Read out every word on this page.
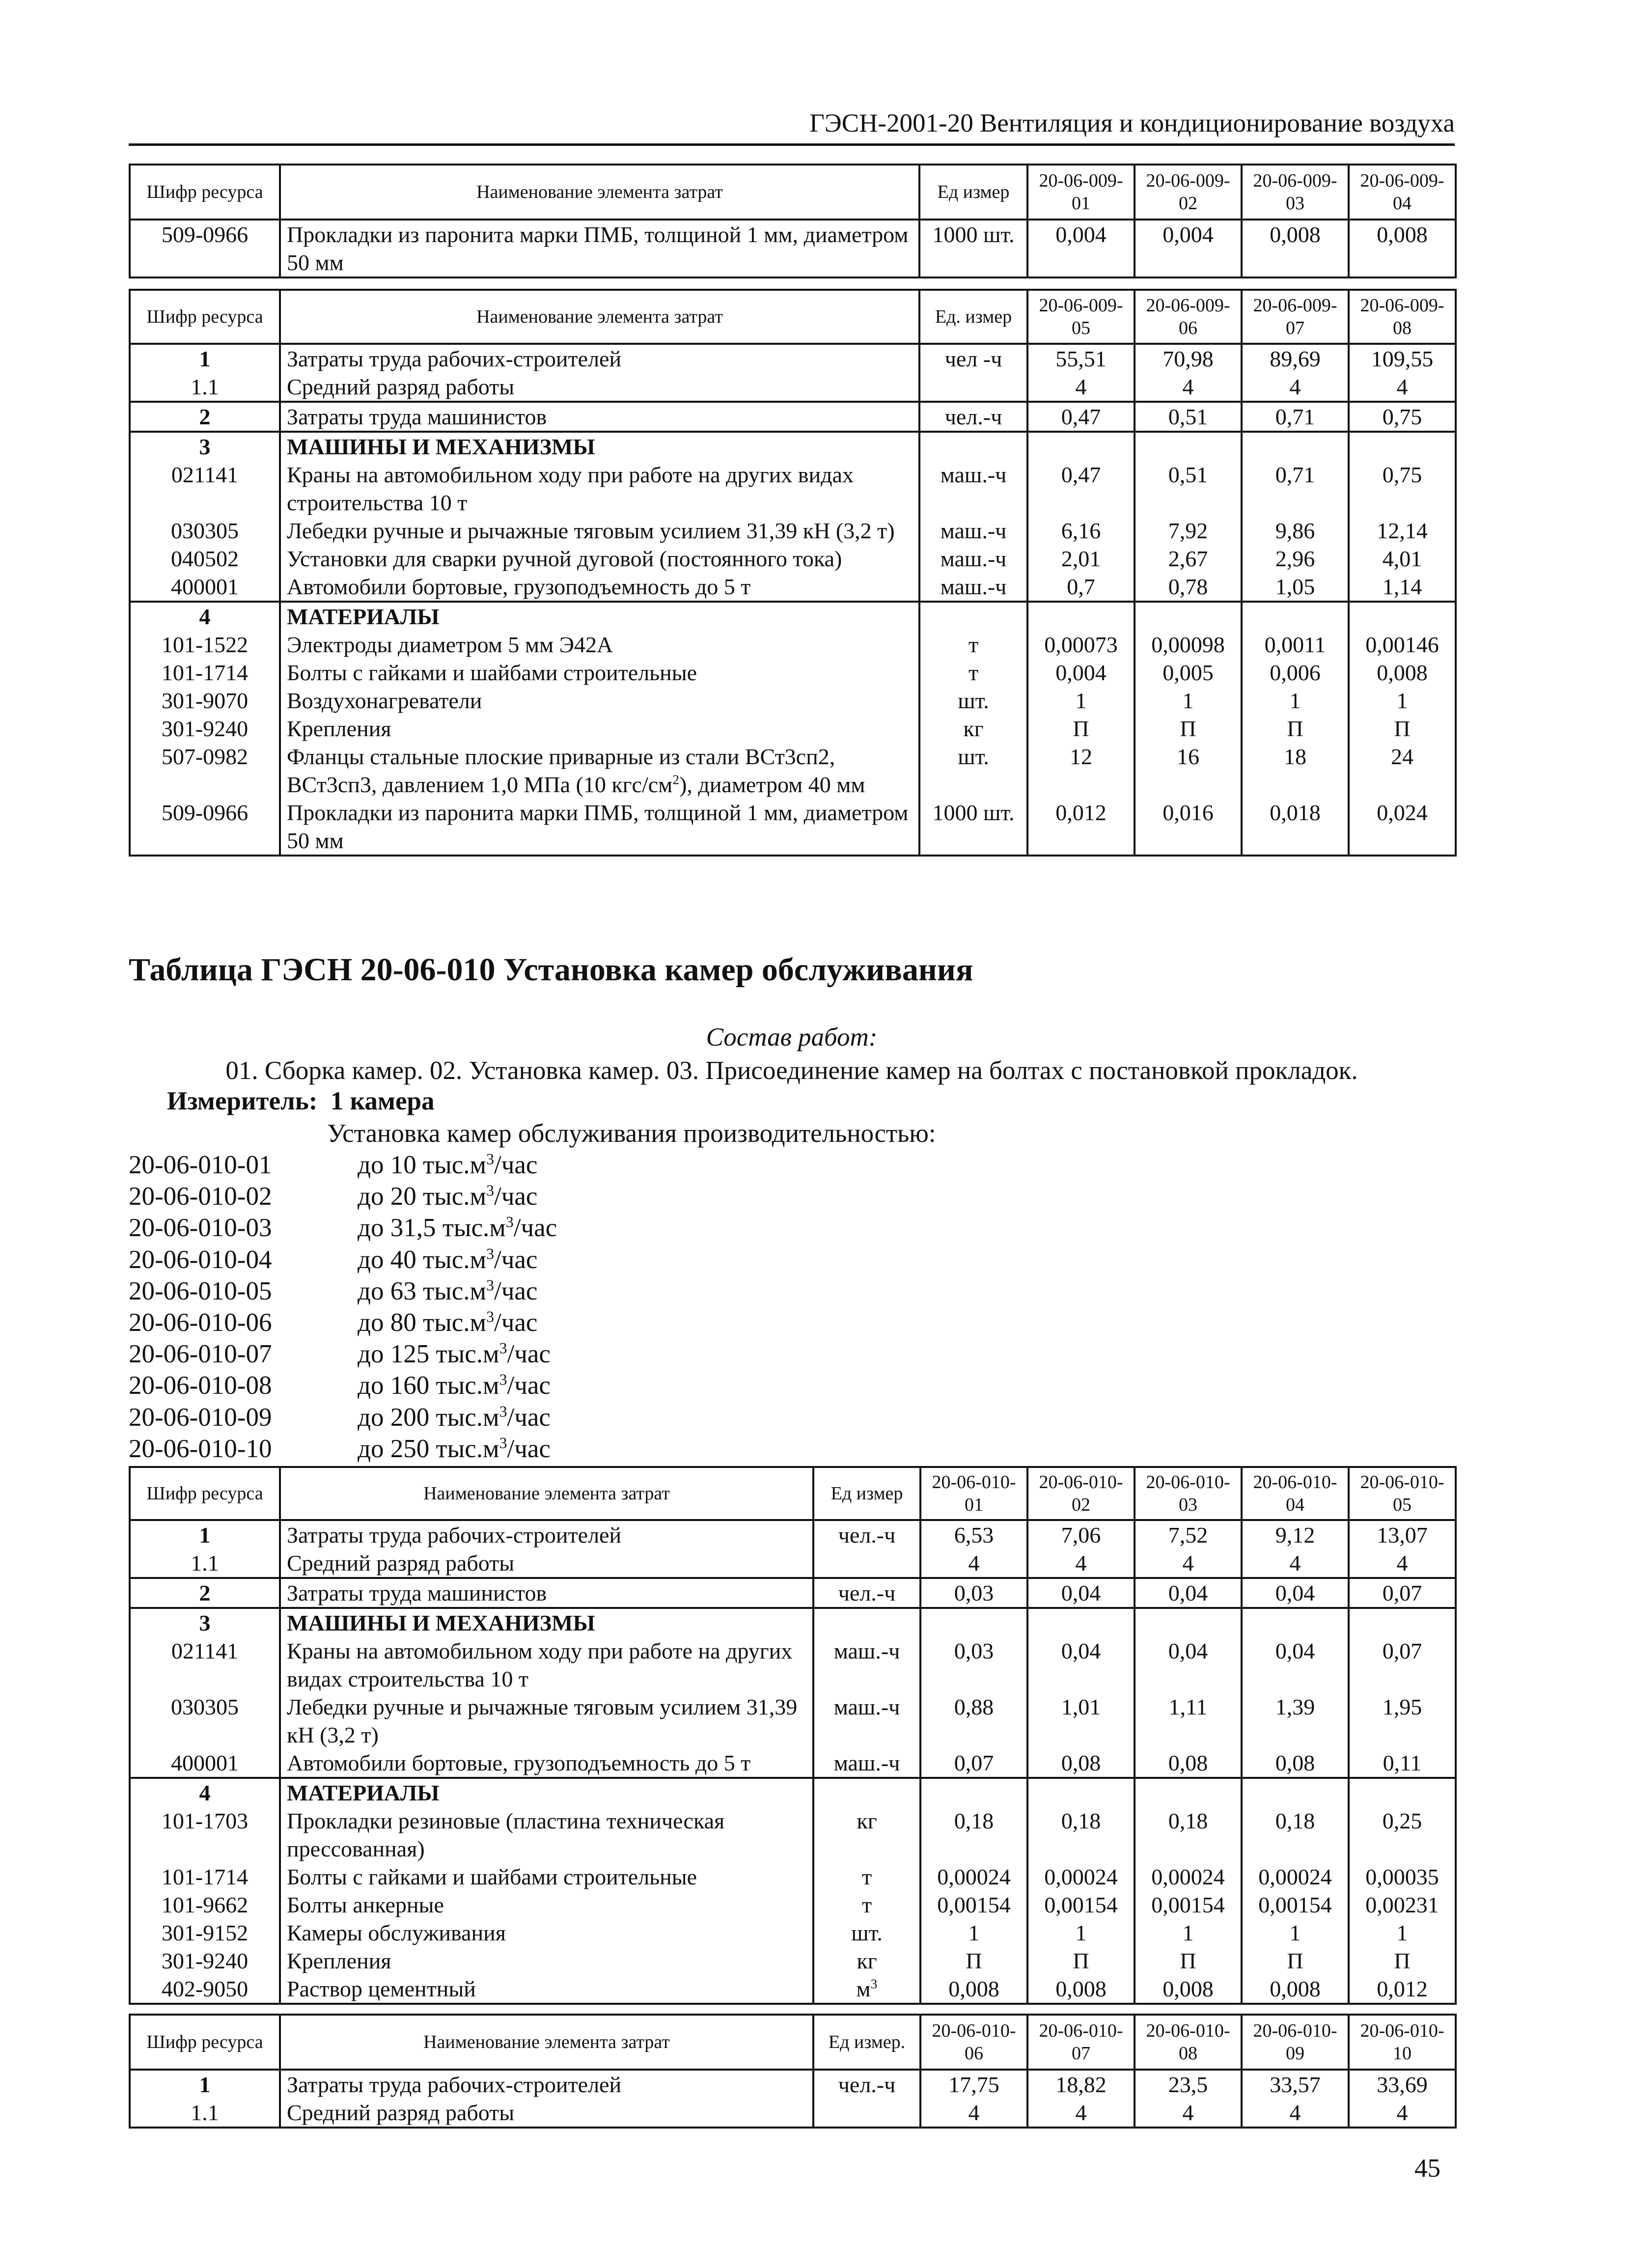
ГЭСН-2001-20 Вентиляция и кондиционирование воздуха
Шифр ресурса	Наименование элемента затрат	Ед измер	20-06-009-01	20-06-009-02	20-06-009-03	20-06-009-04
509-0966	Прокладки из паронита марки ПМБ, толщиной 1 мм, диаметром 50 мм	1000 шт.	0,004	0,004	0,008	0,008
Шифр ресурса	Наименование элемента затрат	Ед. измер	20-06-009-05	20-06-009-06	20-06-009-07	20-06-009-08
1	Затраты труда рабочих-строителей	чел -ч	55,51	70,98	89,69	109,55
1.1	Средний разряд работы		4	4	4	4
2	Затраты труда машинистов	чел.-ч	0,47	0,51	0,71	0,75
3	МАШИНЫ И МЕХАНИЗМЫ					
021141	Краны на автомобильном ходу при работе на других видах строительства 10 т	маш.-ч	0,47	0,51	0,71	0,75
030305	Лебедки ручные и рычажные тяговым усилием 31,39 кН (3,2 т)	маш.-ч	6,16	7,92	9,86	12,14
040502	Установки для сварки ручной дуговой (постоянного тока)	маш.-ч	2,01	2,67	2,96	4,01
400001	Автомобили бортовые, грузоподъемность до 5 т	маш.-ч	0,7	0,78	1,05	1,14
4	МАТЕРИАЛЫ					
101-1522	Электроды диаметром 5 мм Э42А	т	0,00073	0,00098	0,0011	0,00146
101-1714	Болты с гайками и шайбами строительные	т	0,004	0,005	0,006	0,008
301-9070	Воздухонагреватели	шт.	1	1	1	1
301-9240	Крепления	кг	П	П	П	П
507-0982	Фланцы стальные плоские приварные из стали ВСт3сп2, ВСт3сп3, давлением 1,0 МПа (10 кгс/$см^2$), диаметром 40 мм	шт.	12	16	18	24
509-0966	Прокладки из паронита марки ПМБ, толщиной 1 мм, диаметром 50 мм	1000 шт.	0,012	0,016	0,018	0,024
Таблица ГЭСН 20-06-010 Установка камер обслуживания
Состав работ:
01. Сборка камер. 02. Установка камер. 03. Присоединение камер на болтах с постановкой прокладок.
Измеритель: 1 камера
Установка камер обслуживания производительностью:
20-06-010-01	до 10 $тыс.м^3$/час
20-06-010-02	до 20 $тыс.м^3$/час
20-06-010-03	до 31,5 $тыс.м^3$/час
20-06-010-04	до 40 $тыс.м^3$/час
20-06-010-05	до 63 $тыс.м^3$/час
20-06-010-06	до 80 $тыс.м^3$/час
20-06-010-07	до 125 $тыс.м^3$/час
20-06-010-08	до 160 $тыс.м^3$/час
20-06-010-09	до 200 $тыс.м^3$/час
20-06-010-10	до 250 $тыс.м^3$/час
Шифр ресурса	Наименование элемента затрат	Ед измер	20-06-010-01	20-06-010-02	20-06-010-03	20-06-010-04	20-06-010-05
1	Затраты труда рабочих-строителей	чел.-ч	6,53	7,06	7,52	9,12	13,07
1.1	Средний разряд работы		4	4	4	4	4
2	Затраты труда машинистов	чел.-ч	0,03	0,04	0,04	0,04	0,07
3	МАШИНЫ И МЕХАНИЗМЫ						
021141	Краны на автомобильном ходу при работе на других видах строительства 10 т	маш.-ч	0,03	0,04	0,04	0,04	0,07
030305	Лебедки ручные и рычажные тяговым усилием 31,39 кН (3,2 т)	маш.-ч	0,88	1,01	1,11	1,39	1,95
400001	Автомобили бортовые, грузоподъемность до 5 т	маш.-ч	0,07	0,08	0,08	0,08	0,11
4	МАТЕРИАЛЫ						
101-1703	Прокладки резиновые (пластина техническая прессованная)	кг	0,18	0,18	0,18	0,18	0,25
101-1714	Болты с гайками и шайбами строительные	т	0,00024	0,00024	0,00024	0,00024	0,00035
101-9662	Болты анкерные	т	0,00154	0,00154	0,00154	0,00154	0,00231
301-9152	Камеры обслуживания	шт.	1	1	1	1	1
301-9240	Крепления	кг	П	П	П	П	П
402-9050	Раствор цементный	$м^3$	0,008	0,008	0,008	0,008	0,012
Шифр ресурса	Наименование элемента затрат	Ед измер.	20-06-010-06	20-06-010-07	20-06-010-08	20-06-010-09	20-06-010-10
1	Затраты труда рабочих-строителей	чел.-ч	17,75	18,82	23,5	33,57	33,69
1.1	Средний разряд работы		4	4	4	4	4
45
